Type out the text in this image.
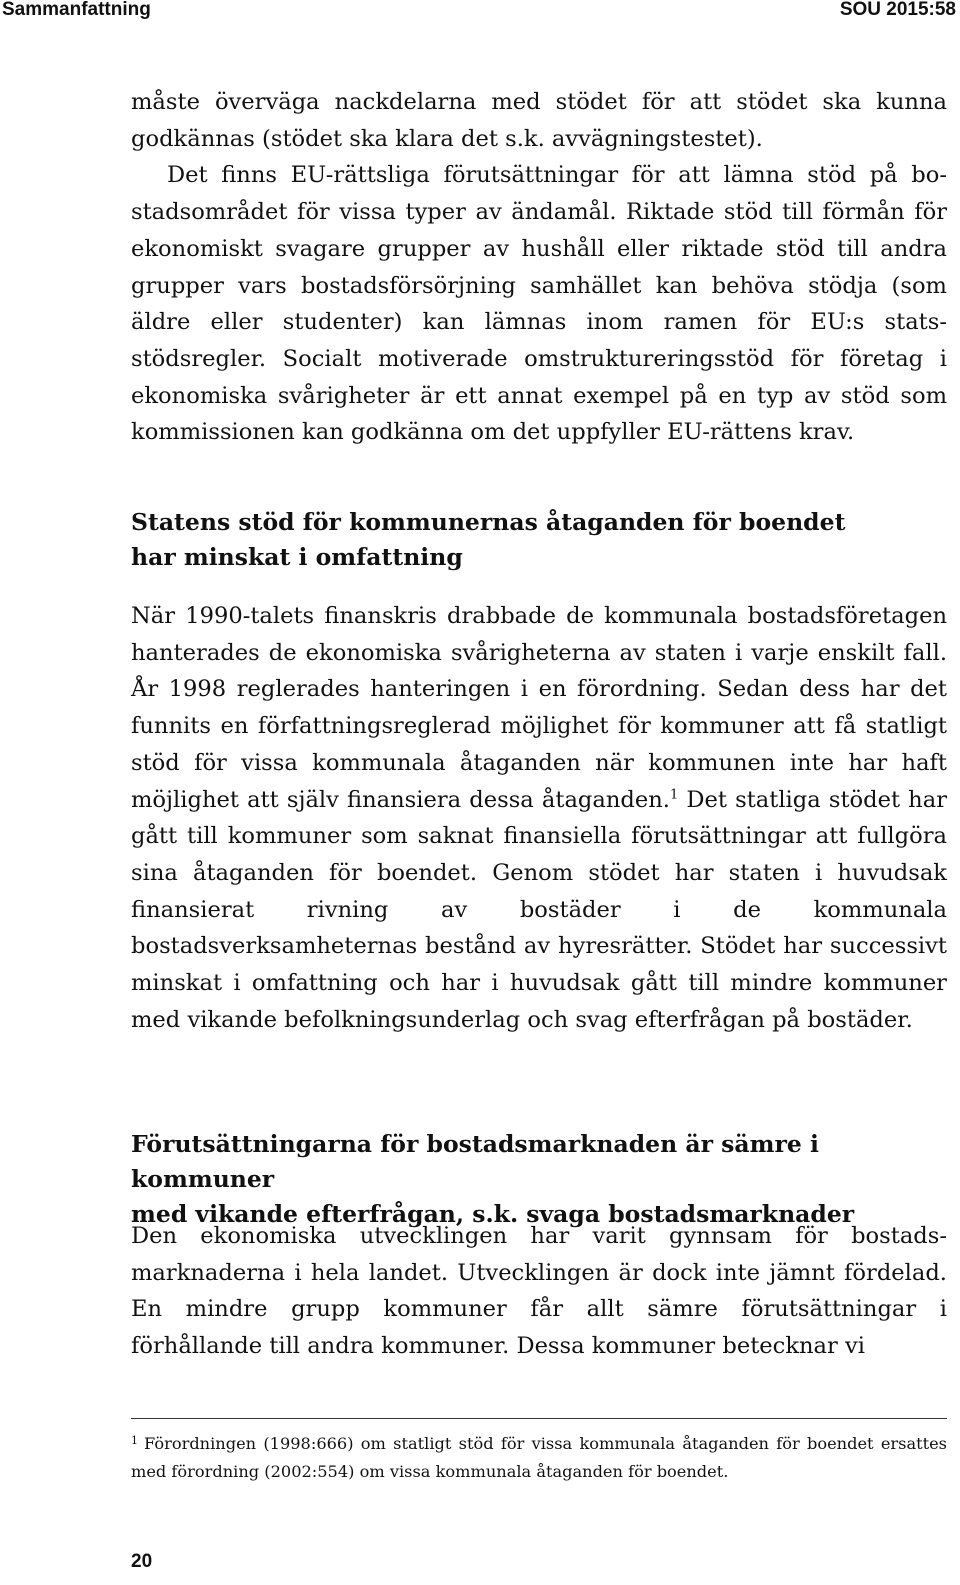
Sammanfattning	SOU 2015:58

måste överväga nackdelarna med stödet för att stödet ska kunna godkännas (stödet ska klara det s.k. avvägningstestet).

Det finns EU-rättsliga förutsättningar för att lämna stöd på bostadsområdet för vissa typer av ändamål. Riktade stöd till förmån för ekonomiskt svagare grupper av hushåll eller riktade stöd till andra grupper vars bostadsförsörjning samhället kan behöva stödja (som äldre eller studenter) kan lämnas inom ramen för EU:s statsstödsregler. Socialt motiverade omstruktureringsstöd för företag i ekonomiska svårigheter är ett annat exempel på en typ av stöd som kommissionen kan godkänna om det uppfyller EU-rättens krav.

Statens stöd för kommunernas åtaganden för boendet
har minskat i omfattning

När 1990-talets finanskris drabbade de kommunala bostadsföretagen hanterades de ekonomiska svårigheterna av staten i varje enskilt fall. År 1998 reglerades hanteringen i en förordning. Sedan dess har det funnits en författningsreglerad möjlighet för kommuner att få statligt stöd för vissa kommunala åtaganden när kommunen inte har haft möjlighet att själv finansiera dessa åtaganden.$^1$ Det statliga stödet har gått till kommuner som saknat finansiella förutsättningar att fullgöra sina åtaganden för boendet. Genom stödet har staten i huvudsak finansierat rivning av bostäder i de kommunala bostadsverksamheternas bestånd av hyresrätter. Stödet har successivt minskat i omfattning och har i huvudsak gått till mindre kommuner med vikande befolkningsunderlag och svag efterfrågan på bostäder.

Förutsättningarna för bostadsmarknaden är sämre i kommuner
med vikande efterfrågan, s.k. svaga bostadsmarknader

Den ekonomiska utvecklingen har varit gynnsam för bostadsmarknaderna i hela landet. Utvecklingen är dock inte jämnt fördelad. En mindre grupp kommuner får allt sämre förutsättningar i förhållande till andra kommuner. Dessa kommuner betecknar vi

$^1$ Förordningen (1998:666) om statligt stöd för vissa kommunala åtaganden för boendet ersattes med förordning (2002:554) om vissa kommunala åtaganden för boendet.
20
